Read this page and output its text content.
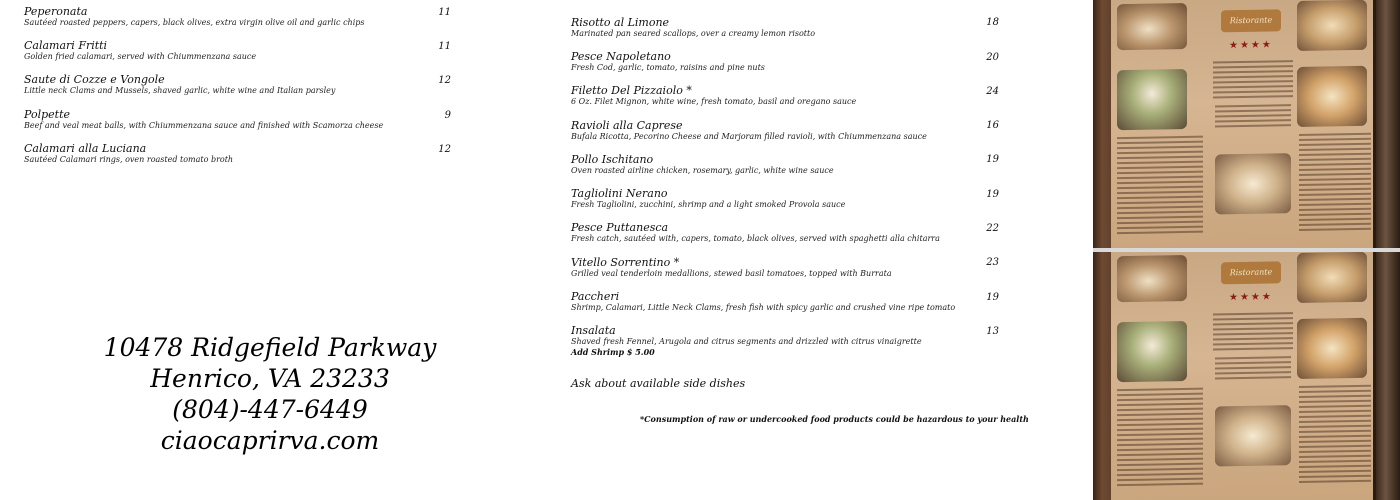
Peperonata
Sautéed roasted peppers, capers, black olives, extra virgin olive oil and garlic chips
11
Calamari Fritti
Golden fried calamari, served with Chiummenzana sauce
11
Saute di Cozze e Vongole
Little neck Clams and Mussels, shaved garlic, white wine and Italian parsley
12
Polpette
Beef and veal meat balls, with Chiummenzana sauce and finished with Scamorza cheese
9
Calamari alla Luciana
Sautéed Calamari rings, oven roasted tomato broth
12
10478 Ridgefield Parkway
Henrico, VA 23233
(804)-447-6449
ciaocaprirva.com
Risotto al Limone
Marinated pan seared scallops, over a creamy lemon risotto
18
Pesce Napoletano
Fresh Cod, garlic, tomato, raisins and pine nuts
20
Filetto Del Pizzaiolo *
6 Oz. Filet Mignon, white wine, fresh tomato, basil and oregano sauce
24
Ravioli alla Caprese
Bufala Ricotta, Pecorino Cheese and Marjoram filled ravioli, with Chiummenzana sauce
16
Pollo Ischitano
Oven roasted airline chicken, rosemary, garlic, white wine sauce
19
Tagliolini Nerano
Fresh Tagliolini, zucchini, shrimp and a light smoked Provola sauce
19
Pesce Puttanesca
Fresh catch, sautéed with, capers, tomato, black olives, served with spaghetti alla chitarra
22
Vitello Sorrentino *
Grilled veal tenderloin medallions, stewed basil tomatoes, topped with Burrata
23
Paccheri
Shrimp, Calamari, Little Neck Clams, fresh fish with spicy garlic and crushed vine ripe tomato
19
Insalata
Shaved fresh Fennel, Arugola and citrus segments and drizzled with citrus vinaigrette
Add Shrimp $ 5.00
13
Ask about available side dishes
*Consumption of raw or undercooked food products could be hazardous to your health
Ristorante
★★★★
Ristorante
★★★★
